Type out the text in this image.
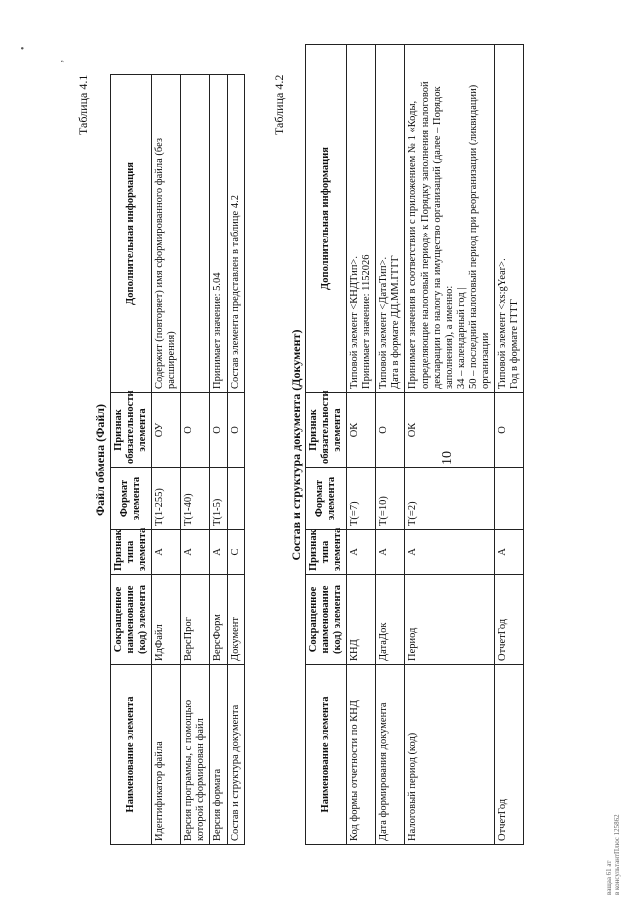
•
’
10
Таблица 4.1
Файл обмена (Файл)
Наименование элемента	Сокращенное наименование (код) элемента	Признак типа элемента	Формат элемента	Признак обязательности элемента	Дополнительная информация
Идентификатор файла	ИдФайл	А	T(1-255)	ОУ	Содержит (повторяет) имя сформированного файла (без расширения)
Версия программы, с помощью которой сформирован файл	ВерсПрог	А	T(1-40)	О	
Версия формата	ВерсФорм	А	T(1-5)	О	Принимает значение: 5.04
Состав и структура документа	Документ	С		О	Состав элемента представлен в таблице 4.2
Таблица 4.2
Состав и структура документа (Документ)
Наименование элемента	Сокращенное наименование (код) элемента	Признак типа элемента	Формат элемента	Признак обязательности элемента	Дополнительная информация
Код формы отчетности по КНД	КНД	А	T(=7)	ОК	Типовой элемент <КНДТип>.
Принимает значение: 1152026
Дата формирования документа	ДатаДок	А	T(=10)	О	Типовой элемент <ДатаТип>.
Дата в формате ДД.ММ.ГГГГ
Налоговый период (код)	Период	А	T(=2)	ОК	Принимает значения в соответствии с приложением № 1 «Коды, определяющие налоговый период» к Порядку заполнения налоговой декларации по налогу на имущество организаций (далее – Порядок заполнения), а именно:
34 – календарный год |
50 – последний налоговый период при реорганизации (ликвидации) организации
ОтчетГод	ОтчетГод	А		О	Типовой элемент <xs:gYear>.
Год в формате ГГГГ
ващаа 61 ат в консультантПлюс 125862
